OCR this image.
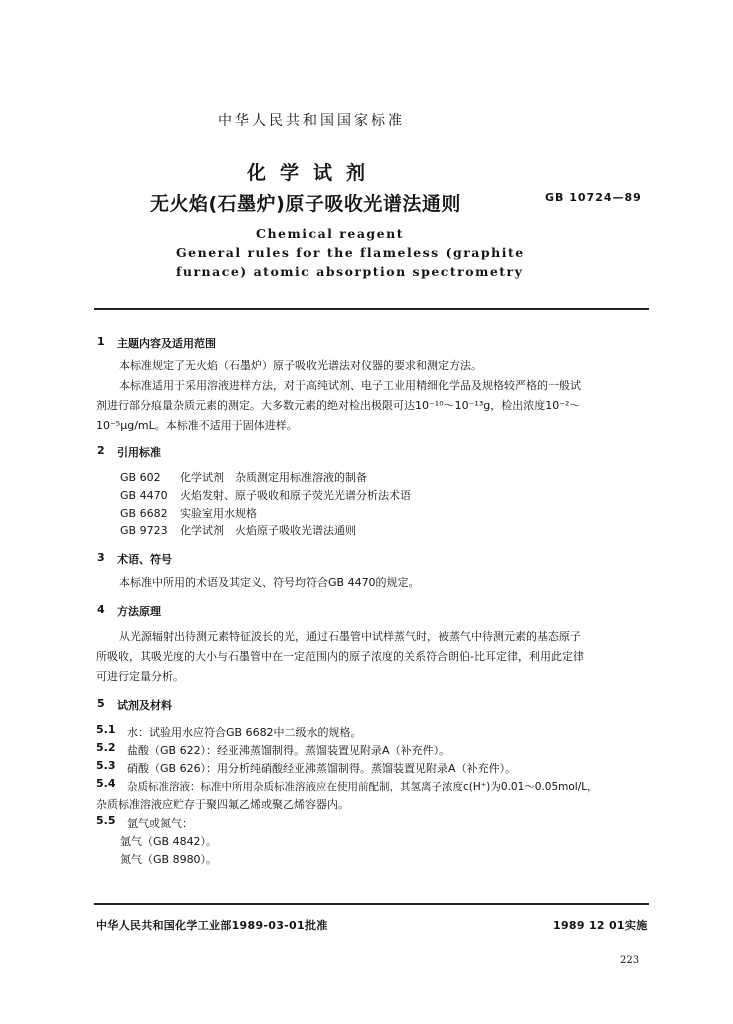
中华人民共和国国家标准
化学试剂
无火焰(石墨炉)原子吸收光谱法通则	GB 10724—89
Chemical reagent
General rules for the flameless (graphite
furnace) atomic absorption spectrometry
1 主题内容及适用范围
本标准规定了无火焰（石墨炉）原子吸收光谱法对仪器的要求和测定方法。
本标准适用于采用溶液进样方法，对于高纯试剂、电子工业用精细化学品及规格较严格的一般试
剂进行部分痕量杂质元素的测定。大多数元素的绝对检出极限可达10⁻¹⁰～10⁻¹³g，检出浓度10⁻²～
10⁻⁵μg/mL。本标准不适用于固体进样。
2 引用标准
GB 602 化学试剂　杂质测定用标准溶液的制备
GB 4470 火焰发射、原子吸收和原子荧光光谱分析法术语
GB 6682 实验室用水规格
GB 9723 化学试剂　火焰原子吸收光谱法通则
3 术语、符号
本标准中所用的术语及其定义、符号均符合GB 4470的规定。
4 方法原理
从光源辐射出待测元素特征波长的光，通过石墨管中试样蒸气时，被蒸气中待测元素的基态原子
所吸收，其吸光度的大小与石墨管中在一定范围内的原子浓度的关系符合朗伯-比耳定律，利用此定律
可进行定量分析。
5 试剂及材料
5.1 水：试验用水应符合GB 6682中二级水的规格。
5.2 盐酸（GB 622）：经亚沸蒸馏制得。蒸馏装置见附录A（补充件）。
5.3 硝酸（GB 626）：用分析纯硝酸经亚沸蒸馏制得。蒸馏装置见附录A（补充件）。
5.4 杂质标准溶液：标准中所用杂质标准溶液应在使用前配制，其氢离子浓度c(H⁺)为0.01～0.05mol/L，
杂质标准溶液应贮存于聚四氟乙烯或聚乙烯容器内。
5.5 氩气或氮气：
氩气（GB 4842）。
氮气（GB 8980）。
中华人民共和国化学工业部1989-03-01批准	1989 12 01实施
223
